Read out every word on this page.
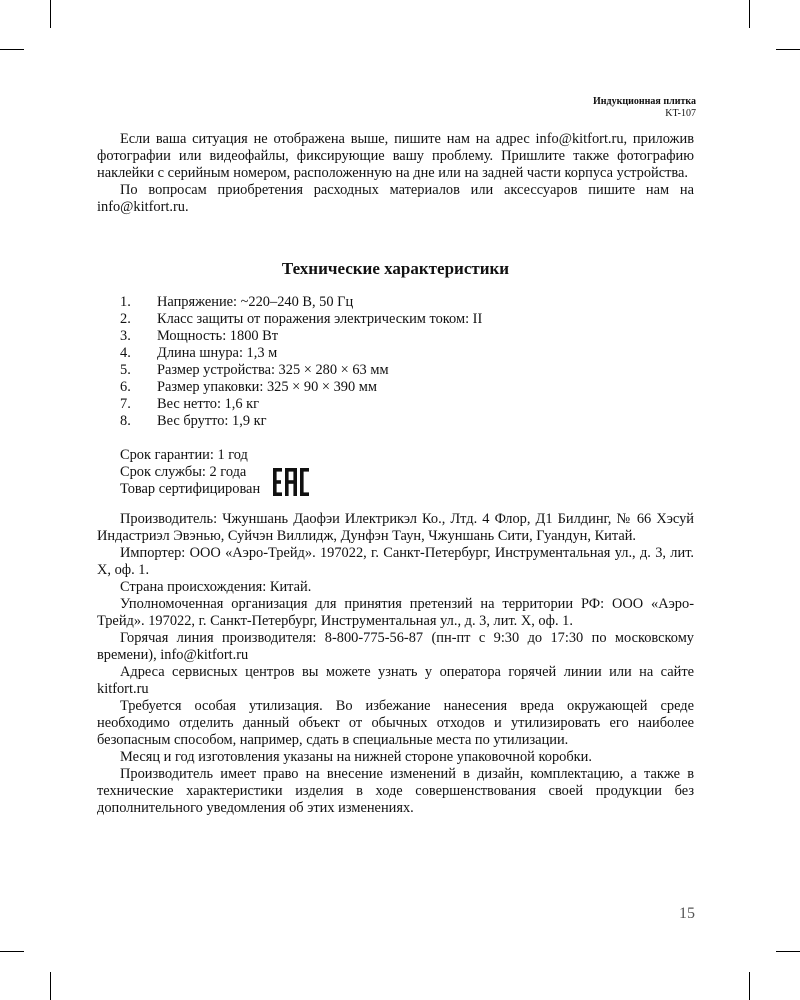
Индукционная плитка
KT-107

Если ваша ситуация не отображена выше, пишите нам на адрес info@kitfort.ru, приложив фотографии или видеофайлы, фиксирующие вашу проблему. Пришлите также фотографию наклейки с серийным номером, расположенную на дне или на задней части корпуса устройства.

По вопросам приобретения расходных материалов или аксессуаров пишите нам на info@kitfort.ru.

Технические характеристики
1. Напряжение: ~220–240 В, 50 Гц
2. Класс защиты от поражения электрическим током: II
3. Мощность: 1800 Вт
4. Длина шнура: 1,3 м
5. Размер устройства: 325 × 280 × 63 мм
6. Размер упаковки: 325 × 90 × 390 мм
7. Вес нетто: 1,6 кг
8. Вес брутто: 1,9 кг
Срок гарантии: 1 год
Срок службы: 2 года
Товар сертифицирован

Производитель: Чжуншань Даофэи Илектрикэл Ко., Лтд. 4 Флор, Д1 Билдинг, № 66 Хэсуй Индастриэл Эвэнью, Суйчэн Виллидж, Дунфэн Таун, Чжуншань Сити, Гуандун, Китай.

Импортер: ООО «Аэро-Трейд». 197022, г. Санкт-Петербург, Инструментальная ул., д. 3, лит. Х, оф. 1.

Страна происхождения: Китай.

Уполномоченная организация для принятия претензий на территории РФ: ООО «Аэро-Трейд». 197022, г. Санкт-Петербург, Инструментальная ул., д. 3, лит. Х, оф. 1.

Горячая линия производителя: 8-800-775-56-87 (пн-пт с 9:30 до 17:30 по московскому времени), info@kitfort.ru

Адреса сервисных центров вы можете узнать у оператора горячей линии или на сайте kitfort.ru

Требуется особая утилизация. Во избежание нанесения вреда окружающей среде необходимо отделить данный объект от обычных отходов и утилизировать его наиболее безопасным способом, например, сдать в специальные места по утилизации.

Месяц и год изготовления указаны на нижней стороне упаковочной коробки.

Производитель имеет право на внесение изменений в дизайн, комплектацию, а также в технические характеристики изделия в ходе совершенствования своей продукции без дополнительного уведомления об этих изменениях.

15
